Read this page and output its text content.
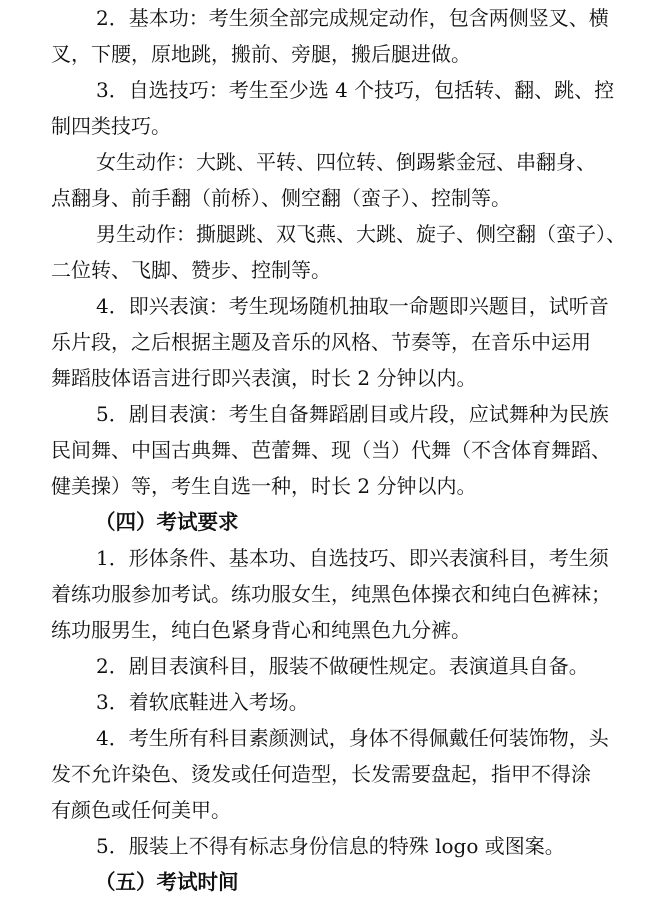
2．基本功：考生须全部完成规定动作，包含两侧竖叉、横
叉，下腰，原地跳，搬前、旁腿，搬后腿进做。
3．自选技巧：考生至少选 4 个技巧，包括转、翻、跳、控
制四类技巧。
女生动作：大跳、平转、四位转、倒踢紫金冠、串翻身、
点翻身、前手翻（前桥）、侧空翻（蛮子）、控制等。
男生动作：撕腿跳、双飞燕、大跳、旋子、侧空翻（蛮子）、
二位转、飞脚、赞步、控制等。
4．即兴表演：考生现场随机抽取一命题即兴题目，试听音
乐片段，之后根据主题及音乐的风格、节奏等，在音乐中运用
舞蹈肢体语言进行即兴表演，时长 2 分钟以内。
5．剧目表演：考生自备舞蹈剧目或片段，应试舞种为民族
民间舞、中国古典舞、芭蕾舞、现（当）代舞（不含体育舞蹈、
健美操）等，考生自选一种，时长 2 分钟以内。
（四）考试要求
1．形体条件、基本功、自选技巧、即兴表演科目，考生须
着练功服参加考试。练功服女生，纯黑色体操衣和纯白色裤袜；
练功服男生，纯白色紧身背心和纯黑色九分裤。
2．剧目表演科目，服装不做硬性规定。表演道具自备。
3．着软底鞋进入考场。
4．考生所有科目素颜测试，身体不得佩戴任何装饰物，头
发不允许染色、烫发或任何造型，长发需要盘起，指甲不得涂
有颜色或任何美甲。
5．服装上不得有标志身份信息的特殊 logo 或图案。
（五）考试时间
